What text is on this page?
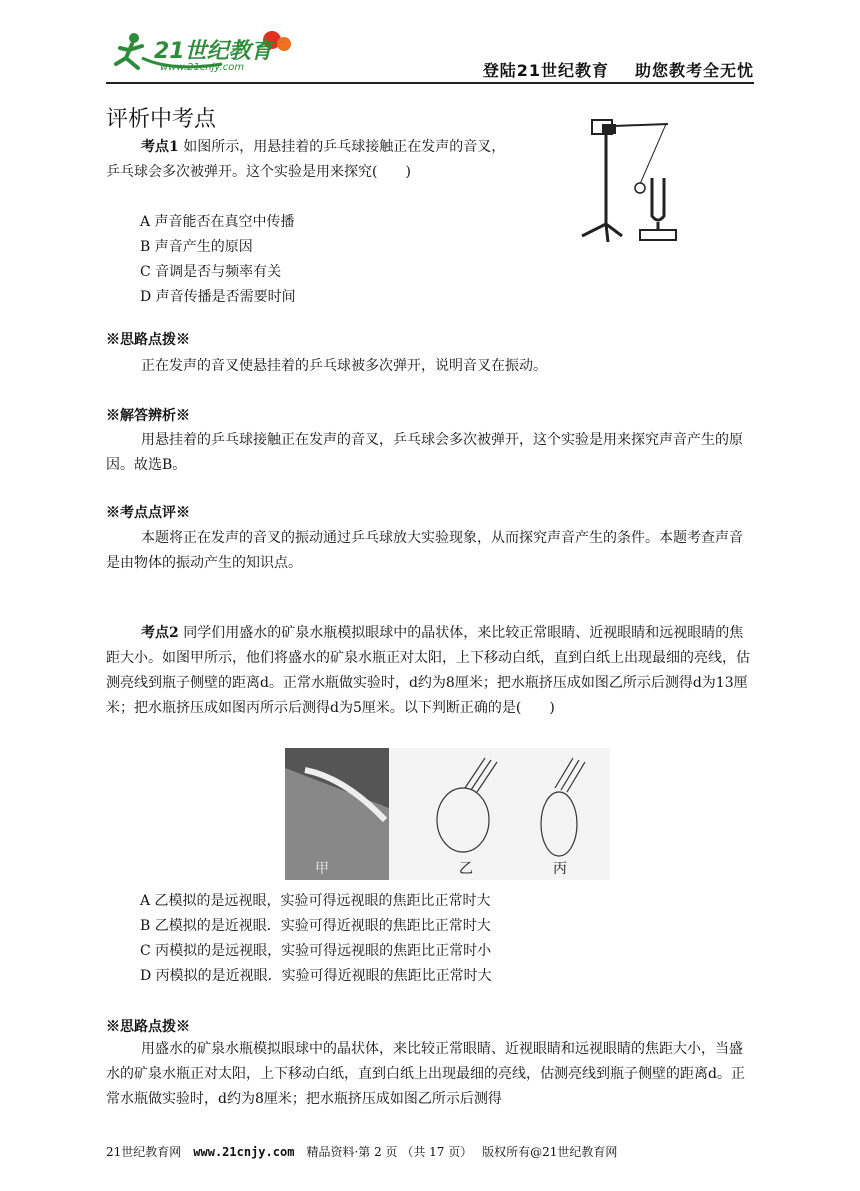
21世纪教育
www.21cnjy.com	登陆21世纪教育 助您教考全无忧
评析中考点

考点1 如图所示，用悬挂着的乒乓球接触正在发声的音叉，乒乓球会多次被弹开。这个实验是用来探究(　　)

A 声音能否在真空中传播
B 声音产生的原因
C 音调是否与频率有关
D 声音传播是否需要时间
※思路点拨※

正在发声的音叉使悬挂着的乒乓球被多次弹开，说明音叉在振动。

※解答辨析※

用悬挂着的乒乓球接触正在发声的音叉，乒乓球会多次被弹开，这个实验是用来探究声音产生的原因。故选B。

※考点点评※

本题将正在发声的音叉的振动通过乒乓球放大实验现象，从而探究声音产生的条件。本题考查声音是由物体的振动产生的知识点。

考点2 同学们用盛水的矿泉水瓶模拟眼球中的晶状体，来比较正常眼睛、近视眼睛和远视眼睛的焦距大小。如图甲所示，他们将盛水的矿泉水瓶正对太阳，上下移动白纸，直到白纸上出现最细的亮线，估测亮线到瓶子侧壁的距离d。正常水瓶做实验时，d约为8厘米；把水瓶挤压成如图乙所示后测得d为13厘米；把水瓶挤压成如图丙所示后测得d为5厘米。以下判断正确的是(　　)

甲	乙	丙
A 乙模拟的是远视眼，实验可得远视眼的焦距比正常时大
B 乙模拟的是近视眼．实验可得近视眼的焦距比正常时大
C 丙模拟的是远视眼，实验可得远视眼的焦距比正常时小
D 丙模拟的是近视眼．实验可得近视眼的焦距比正常时大
※思路点拨※

用盛水的矿泉水瓶模拟眼球中的晶状体，来比较正常眼睛、近视眼睛和远视眼睛的焦距大小，当盛水的矿泉水瓶正对太阳，上下移动白纸，直到白纸上出现最细的亮线，估测亮线到瓶子侧壁的距离d。正常水瓶做实验时，d约为8厘米；把水瓶挤压成如图乙所示后测得

21世纪教育网 www.21cnjy.com 精品资料·第 2 页 （共 17 页） 版权所有@21世纪教育网
